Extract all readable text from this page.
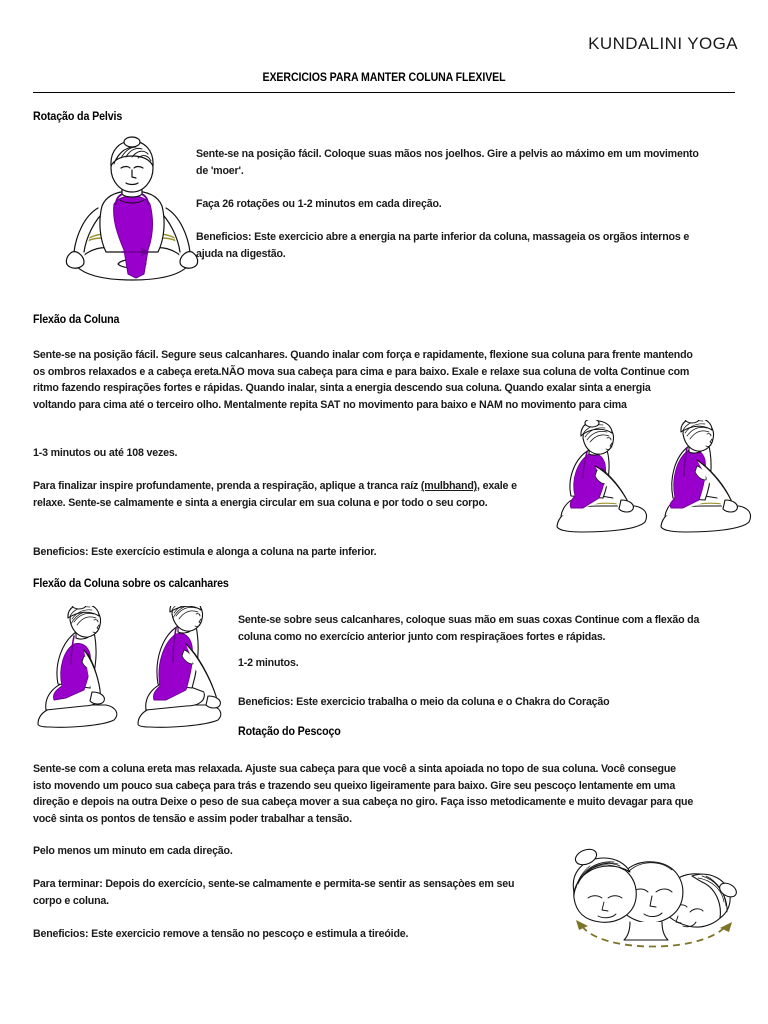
KUNDALINI YOGA
EXERCICIOS PARA MANTER COLUNA FLEXIVEL
Rotação da Pelvis
Sente-se na posição fácil. Coloque suas mãos nos joelhos. Gire a pelvis ao máximo em um movimento de 'moer'.
Faça 26 rotações ou 1-2 minutos em cada direção.
Beneficios: Este exercicio abre a energia na parte inferior da coluna, massageia os orgãos internos e ajuda na digestão.
Flexão da Coluna
Sente-se na posição fácil. Segure seus calcanhares. Quando inalar com força e rapidamente, flexione sua coluna para frente mantendo os ombros relaxados e a cabeça ereta.NÃO mova sua cabeça para cima e para baixo. Exale e relaxe sua coluna de volta Continue com ritmo fazendo respirações fortes e rápidas. Quando inalar, sinta a energia descendo sua coluna. Quando exalar sinta a energia voltando para cima até o terceiro olho. Mentalmente repita SAT no movimento para baixo e NAM no movimento para cima
1-3 minutos ou até 108 vezes.
Para finalizar inspire profundamente, prenda a respiração, aplique a tranca raíz (mulbhand), exale e relaxe. Sente-se calmamente e sinta a energia circular em sua coluna e por todo o seu corpo.
Beneficios: Este exercício estimula e alonga a coluna na parte inferior.
Flexão da Coluna sobre os calcanhares
Sente-se sobre seus calcanhares, coloque suas mão em suas coxas Continue com a flexão da coluna como no exercício anterior junto com respiraçãoes fortes e rápidas.
1-2 minutos.
Beneficios: Este exercicio trabalha o meio da coluna e o Chakra do Coração
Rotação do Pescoço
Sente-se com a coluna ereta mas relaxada. Ajuste sua cabeça para que você a sinta apoiada no topo de sua coluna. Você consegue isto movendo um pouco sua cabeça para trás e trazendo seu queixo ligeiramente para baixo. Gire seu pescoço lentamente em uma direção e depois na outra Deixe o peso de sua cabeça mover a sua cabeça no giro. Faça isso metodicamente e muito devagar para que você sinta os pontos de tensão e assim poder trabalhar a tensão.
Pelo menos um minuto em cada direção.
Para terminar: Depois do exercício, sente-se calmamente e permita-se sentir as sensaçòes em seu corpo e coluna.
Beneficios: Este exercicio remove a tensão no pescoço e estimula a tireóide.
